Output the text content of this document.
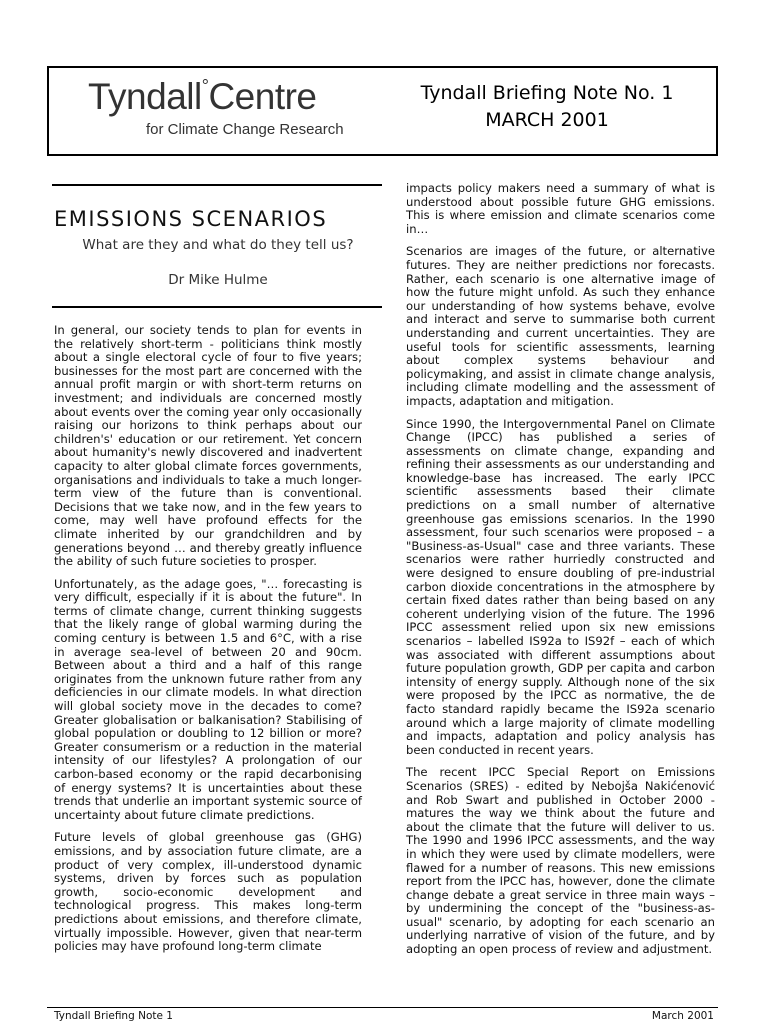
Tyndall°Centre
for Climate Change Research
Tyndall Briefing Note No. 1
MARCH 2001
EMISSIONS SCENARIOS
What are they and what do they tell us?
Dr Mike Hulme

In general, our society tends to plan for events in the relatively short-term - politicians think mostly about a single electoral cycle of four to five years; businesses for the most part are concerned with the annual profit margin or with short-term returns on investment; and individuals are concerned mostly about events over the coming year only occasionally raising our horizons to think perhaps about our children's' education or our retirement. Yet concern about humanity's newly discovered and inadvertent capacity to alter global climate forces governments, organisations and individuals to take a much longer-term view of the future than is conventional. Decisions that we take now, and in the few years to come, may well have profound effects for the climate inherited by our grandchildren and by generations beyond … and thereby greatly influence the ability of such future societies to prosper.

Unfortunately, as the adage goes, "… forecasting is very difficult, especially if it is about the future". In terms of climate change, current thinking suggests that the likely range of global warming during the coming century is between 1.5 and 6°C, with a rise in average sea-level of between 20 and 90cm. Between about a third and a half of this range originates from the unknown future rather from any deficiencies in our climate models. In what direction will global society move in the decades to come? Greater globalisation or balkanisation? Stabilising of global population or doubling to 12 billion or more? Greater consumerism or a reduction in the material intensity of our lifestyles? A prolongation of our carbon-based economy or the rapid decarbonising of energy systems? It is uncertainties about these trends that underlie an important systemic source of uncertainty about future climate predictions.

Future levels of global greenhouse gas (GHG) emissions, and by association future climate, are a product of very complex, ill-understood dynamic systems, driven by forces such as population growth, socio-economic development and technological progress. This makes long-term predictions about emissions, and therefore climate, virtually impossible. However, given that near-term policies may have profound long-term climate

impacts policy makers need a summary of what is understood about possible future GHG emissions. This is where emission and climate scenarios come in…

Scenarios are images of the future, or alternative futures. They are neither predictions nor forecasts. Rather, each scenario is one alternative image of how the future might unfold. As such they enhance our understanding of how systems behave, evolve and interact and serve to summarise both current understanding and current uncertainties. They are useful tools for scientific assessments, learning about complex systems behaviour and policymaking, and assist in climate change analysis, including climate modelling and the assessment of impacts, adaptation and mitigation.

Since 1990, the Intergovernmental Panel on Climate Change (IPCC) has published a series of assessments on climate change, expanding and refining their assessments as our understanding and knowledge-base has increased. The early IPCC scientific assessments based their climate predictions on a small number of alternative greenhouse gas emissions scenarios. In the 1990 assessment, four such scenarios were proposed – a "Business-as-Usual" case and three variants. These scenarios were rather hurriedly constructed and were designed to ensure doubling of pre-industrial carbon dioxide concentrations in the atmosphere by certain fixed dates rather than being based on any coherent underlying vision of the future. The 1996 IPCC assessment relied upon six new emissions scenarios – labelled IS92a to IS92f – each of which was associated with different assumptions about future population growth, GDP per capita and carbon intensity of energy supply. Although none of the six were proposed by the IPCC as normative, the de facto standard rapidly became the IS92a scenario around which a large majority of climate modelling and impacts, adaptation and policy analysis has been conducted in recent years.

The recent IPCC Special Report on Emissions Scenarios (SRES) - edited by Nebojša Nakićenović and Rob Swart and published in October 2000 - matures the way we think about the future and about the climate that the future will deliver to us. The 1990 and 1996 IPCC assessments, and the way in which they were used by climate modellers, were flawed for a number of reasons. This new emissions report from the IPCC has, however, done the climate change debate a great service in three main ways – by undermining the concept of the "business-as-usual" scenario, by adopting for each scenario an underlying narrative of vision of the future, and by adopting an open process of review and adjustment.

Tyndall Briefing Note 1	March 2001
